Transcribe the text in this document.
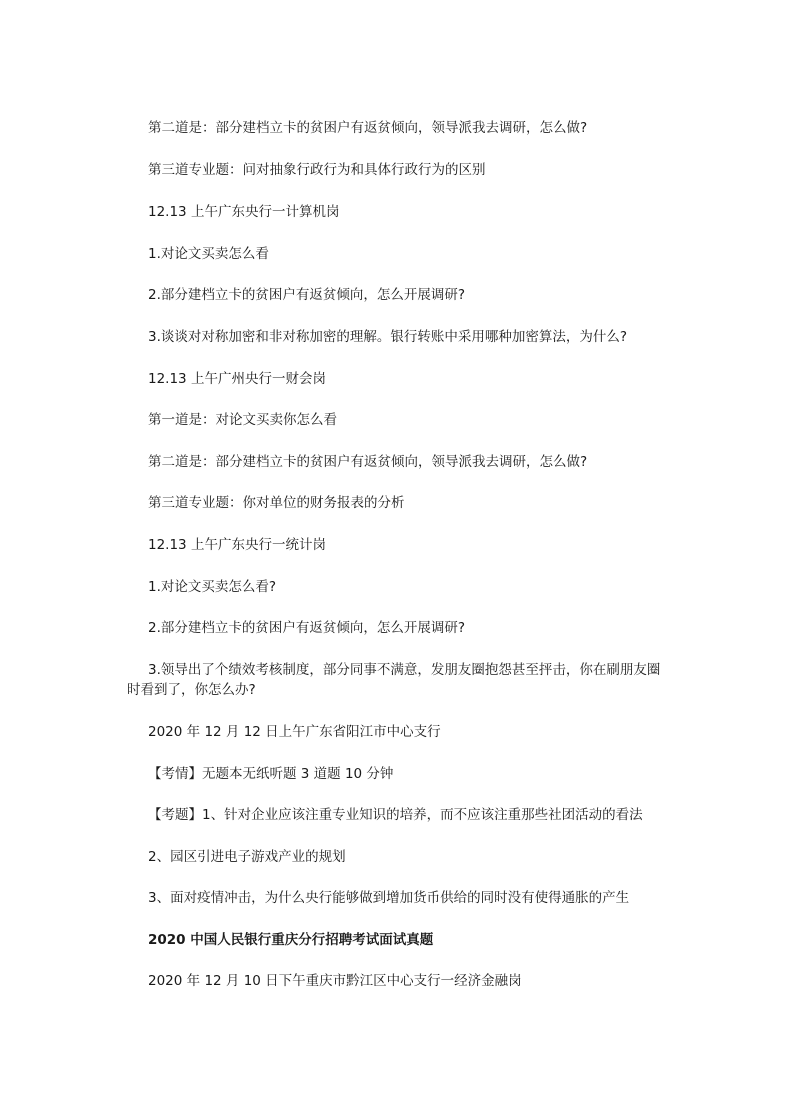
第二道是：部分建档立卡的贫困户有返贫倾向，领导派我去调研，怎么做?
第三道专业题：问对抽象行政行为和具体行政行为的区别
12.13 上午广东央行一计算机岗
1.对论文买卖怎么看
2.部分建档立卡的贫困户有返贫倾向，怎么开展调研?
3.谈谈对对称加密和非对称加密的理解。银行转账中采用哪种加密算法，为什么?
12.13 上午广州央行一财会岗
第一道是：对论文买卖你怎么看
第二道是：部分建档立卡的贫困户有返贫倾向，领导派我去调研，怎么做?
第三道专业题：你对单位的财务报表的分析
12.13 上午广东央行一统计岗
1.对论文买卖怎么看?
2.部分建档立卡的贫困户有返贫倾向，怎么开展调研?
3.领导出了个绩效考核制度，部分同事不满意，发朋友圈抱怨甚至抨击，你在刷朋友圈时看到了，你怎么办?
2020 年 12 月 12 日上午广东省阳江市中心支行
【考情】无题本无纸听题 3 道题 10 分钟
【考题】1、针对企业应该注重专业知识的培养，而不应该注重那些社团活动的看法
2、园区引进电子游戏产业的规划
3、面对疫情冲击，为什么央行能够做到增加货币供给的同时没有使得通胀的产生
2020 中国人民银行重庆分行招聘考试面试真题
2020 年 12 月 10 日下午重庆市黔江区中心支行一经济金融岗
